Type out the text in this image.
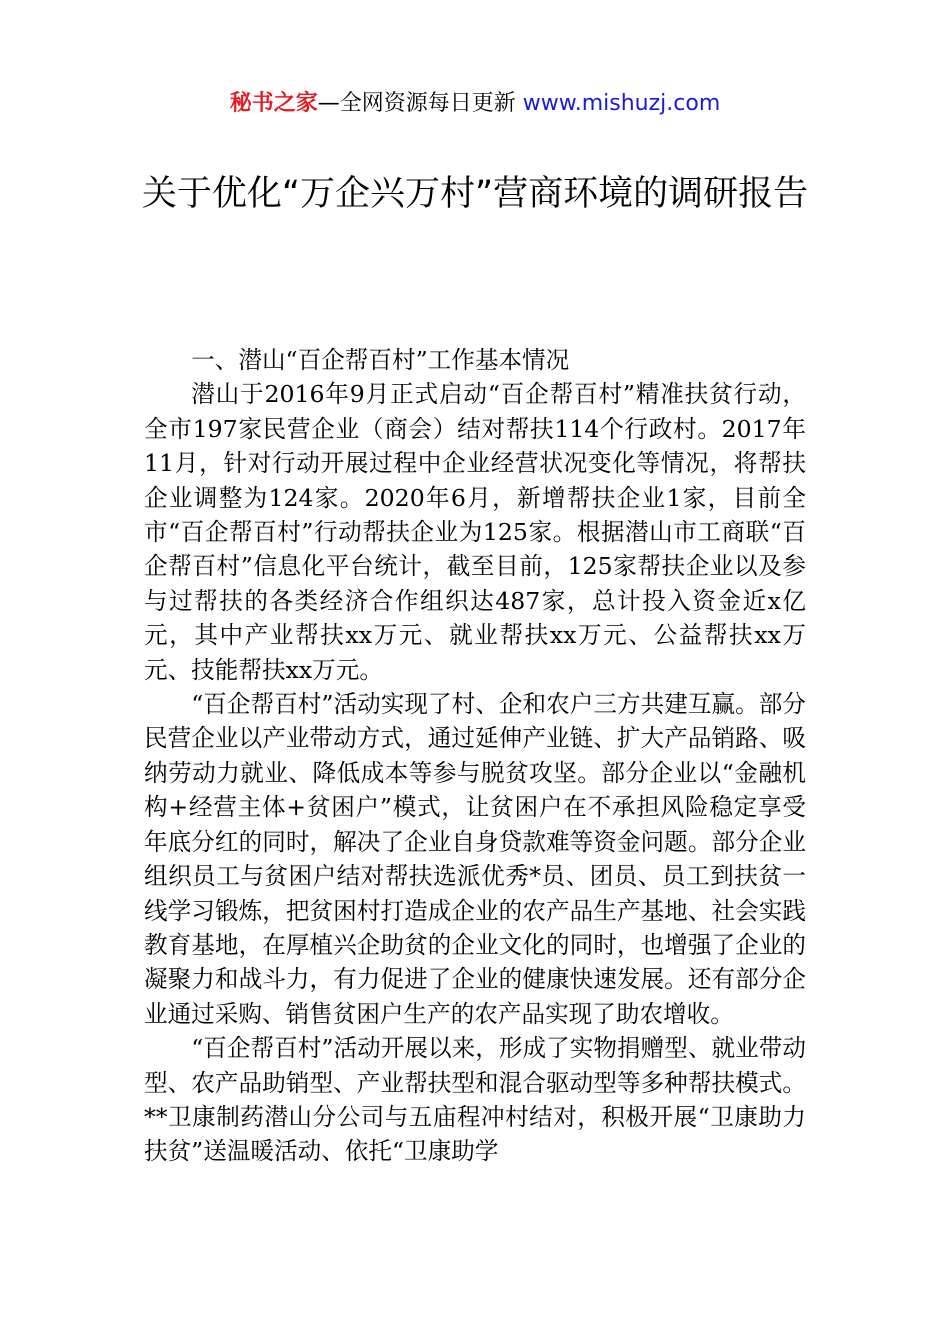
秘书之家—全网资源每日更新 www.mishuzj.com
关于优化“万企兴万村”营商环境的调研报告

一、潜山“百企帮百村”工作基本情况

潜山于2016年9月正式启动“百企帮百村”精准扶贫行动，全市197家民营企业（商会）结对帮扶114个行政村。2017年11月，针对行动开展过程中企业经营状况变化等情况，将帮扶企业调整为124家。2020年6月，新增帮扶企业1家，目前全市“百企帮百村”行动帮扶企业为125家。根据潜山市工商联“百企帮百村”信息化平台统计，截至目前，125家帮扶企业以及参与过帮扶的各类经济合作组织达487家，总计投入资金近x亿元，其中产业帮扶xx万元、就业帮扶xx万元、公益帮扶xx万元、技能帮扶xx万元。

“百企帮百村”活动实现了村、企和农户三方共建互赢。部分民营企业以产业带动方式，通过延伸产业链、扩大产品销路、吸纳劳动力就业、降低成本等参与脱贫攻坚。部分企业以“金融机构+经营主体+贫困户”模式，让贫困户在不承担风险稳定享受年底分红的同时，解决了企业自身贷款难等资金问题。部分企业组织员工与贫困户结对帮扶选派优秀*员、团员、员工到扶贫一线学习锻炼，把贫困村打造成企业的农产品生产基地、社会实践教育基地，在厚植兴企助贫的企业文化的同时，也增强了企业的凝聚力和战斗力，有力促进了企业的健康快速发展。还有部分企业通过采购、销售贫困户生产的农产品实现了助农增收。

“百企帮百村”活动开展以来，形成了实物捐赠型、就业带动型、农产品助销型、产业帮扶型和混合驱动型等多种帮扶模式。**卫康制药潜山分公司与五庙程冲村结对，积极开展“卫康助力扶贫”送温暖活动、依托“卫康助学
